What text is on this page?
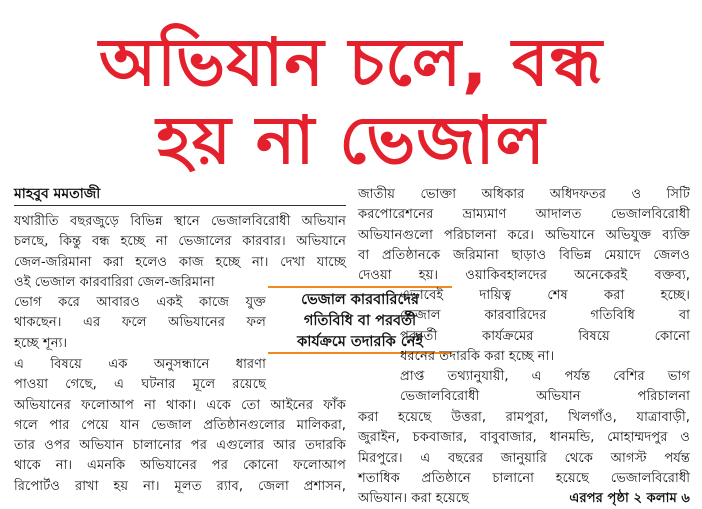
অভিযান চলে, বন্ধ
হয় না ভেজাল
মাহবুব মমতাজী
যথারীতি বছরজুড়ে বিভিন্ন স্থানে ভেজালবিরোধী অভিযান
চলছে, কিন্তু বন্ধ হচ্ছে না ভেজালের কারবার। অভিযানে
জেল-জরিমানা করা হলেও কাজ হচ্ছে না। দেখা যাচ্ছে
ওই ভেজাল কারবারিরা জেল-জরিমানা
ভোগ করে আবারও একই কাজে যুক্ত
থাকছেন। এর ফলে অভিযানের ফল
হচ্ছে শূন্য।
এ বিষয়ে এক অনুসন্ধানে ধারণা
পাওয়া গেছে, এ ঘটনার মূলে রয়েছে
অভিযানের ফলোআপ না থাকা। একে তো আইনের ফাঁক
গলে পার পেয়ে যান ভেজাল প্রতিষ্ঠানগুলোর মালিকরা,
তার ওপর অভিযান চালানোর পর এগুলোর আর তদারকি
থাকে না। এমনকি অভিযানের পর কোনো ফলোআপ
রিপোর্টও রাখা হয় না। মূলত র‌্যাব, জেলা প্রশাসন,
ভেজাল কারবারিদের
গতিবিধি বা পরবর্তী
কার্যক্রমে তদারকি নেই
জাতীয় ভোক্তা অধিকার অধিদফতর ও সিটি
করপোরেশনের ভ্রাম্যমাণ আদালত ভেজালবিরোধী
অভিযানগুলো পরিচালনা করে। অভিযানে অভিযুক্ত ব্যক্তি
বা প্রতিষ্ঠানকে জরিমানা ছাড়াও বিভিন্ন মেয়াদে জেলও
দেওয়া হয়। ওয়াকিবহালদের অনেকেরই বক্তব্য,
এভাবেই দায়িত্ব শেষ করা হচ্ছে।
ভেজাল কারবারিদের গতিবিধি বা
পরবর্তী কার্যক্রমের বিষয়ে কোনো
ধরনের তদারকি করা হচ্ছে না।
প্রাপ্ত তথ্যানুযায়ী, এ পর্যন্ত বেশির ভাগ
ভেজালবিরোধী অভিযান পরিচালনা
করা হয়েছে উত্তরা, রামপুরা, খিলগাঁও, যাত্রাবাড়ী,
জুরাইন, চকবাজার, বাবুবাজার, ধানমন্ডি, মোহাম্মদপুর ও
মিরপুরে। এ বছরের জানুয়ারি থেকে আগস্ট পর্যন্ত
শতাধিক প্রতিষ্ঠানে চালানো হয়েছে ভেজালবিরোধী
অভিযান। করা হয়েছে	এরপর পৃষ্ঠা ২ কলাম ৬
